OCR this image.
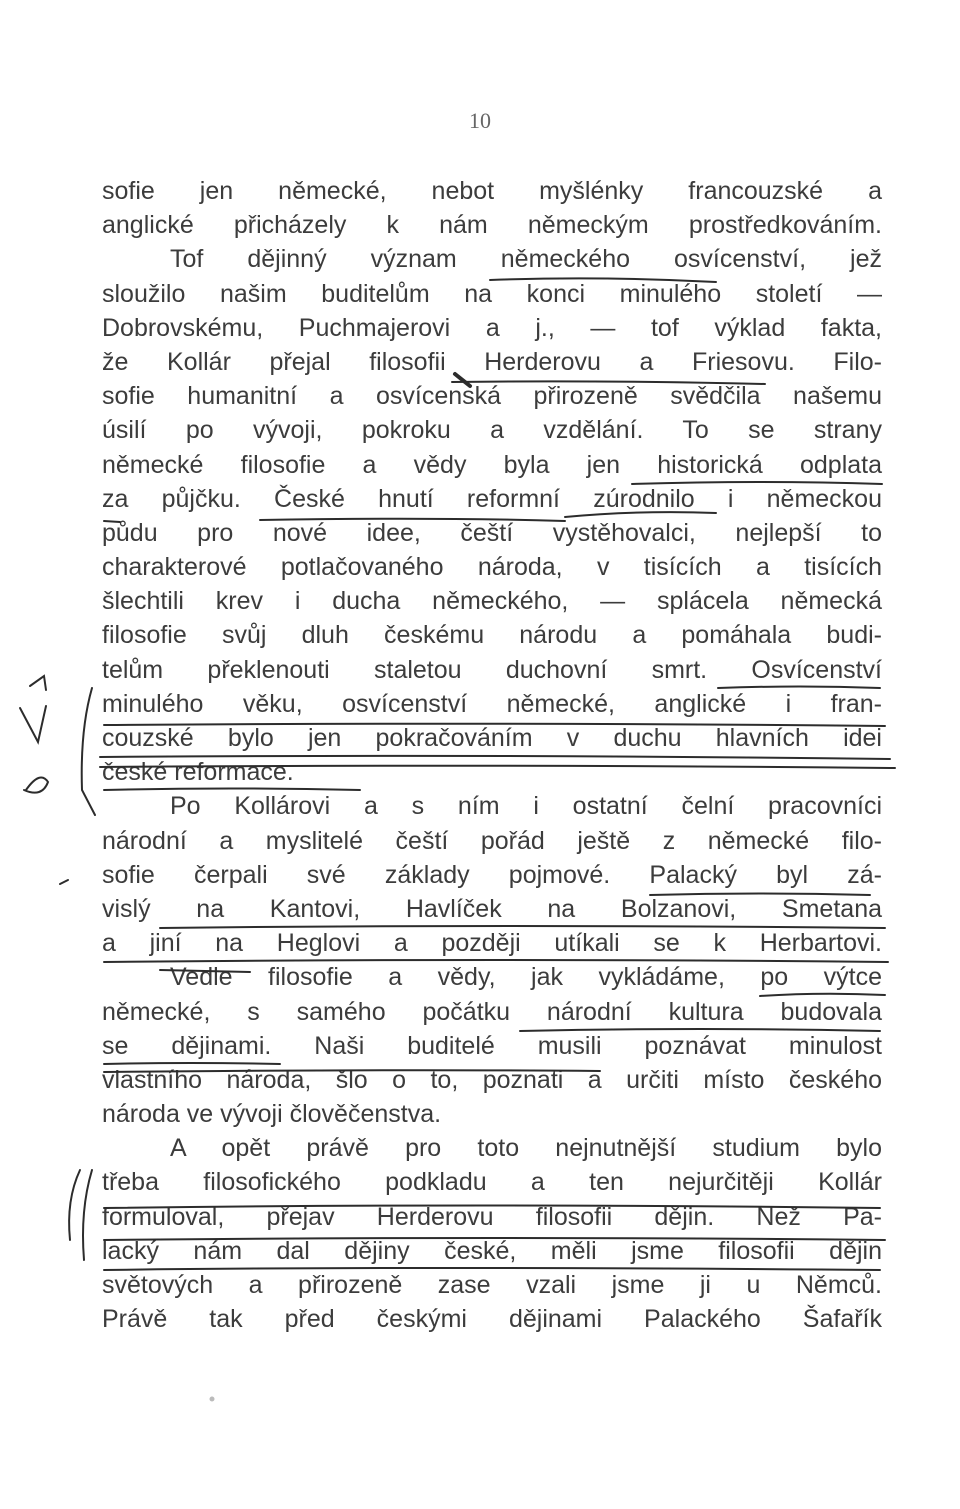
10
sofie jen německé, nebot myšlénky francouzské a
anglické přicházely k nám německým prostředkováním.
Tof dějinný význam německého osvícenství, jež
sloužilo našim buditelům na konci minulého století —
Dobrovskému, Puchmajerovi a j., — tof výklad fakta,
že Kollár přejal filosofii Herderovu a Friesovu. Filo-
sofie humanitní a osvícenská přirozeně svědčila našemu
úsilí po vývoji, pokroku a vzdělání. To se strany
německé filosofie a vědy byla jen historická odplata
za půjčku. České hnutí reformní zúrodnilo i německou
půdu pro nové idee, čeští vystěhovalci, nejlepší to
charakterové potlačovaného národa, v tisících a tisících
šlechtili krev i ducha německého, — splácela německá
filosofie svůj dluh českému národu a pomáhala budi-
telům překlenouti staletou duchovní smrt. Osvícenství
minulého věku, osvícenství německé, anglické i fran-
couzské bylo jen pokračováním v duchu hlavních idei
české reformace.
Po Kollárovi a s ním i ostatní čelní pracovníci
národní a myslitelé čeští pořád ještě z německé filo-
sofie čerpali své základy pojmové. Palacký byl zá-
vislý na Kantovi, Havlíček na Bolzanovi, Smetana
a jiní na Heglovi a později utíkali se k Herbartovi.
Vedle filosofie a vědy, jak vykládáme, po výtce
německé, s samého počátku národní kultura budovala
se dějinami. Naši buditelé musili poznávat minulost
vlastního národa, šlo o to, poznati a určiti místo českého
národa ve vývoji člověčenstva.
A opět právě pro toto nejnutnější studium bylo
třeba filosofického podkladu a ten nejurčitěji Kollár
formuloval, přejav Herderovu filosofii dějin. Než Pa-
lacký nám dal dějiny české, měli jsme filosofii dějin
světových a přirozeně zase vzali jsme ji u Němců.
Právě tak před českými dějinami Palackého Šafařík
